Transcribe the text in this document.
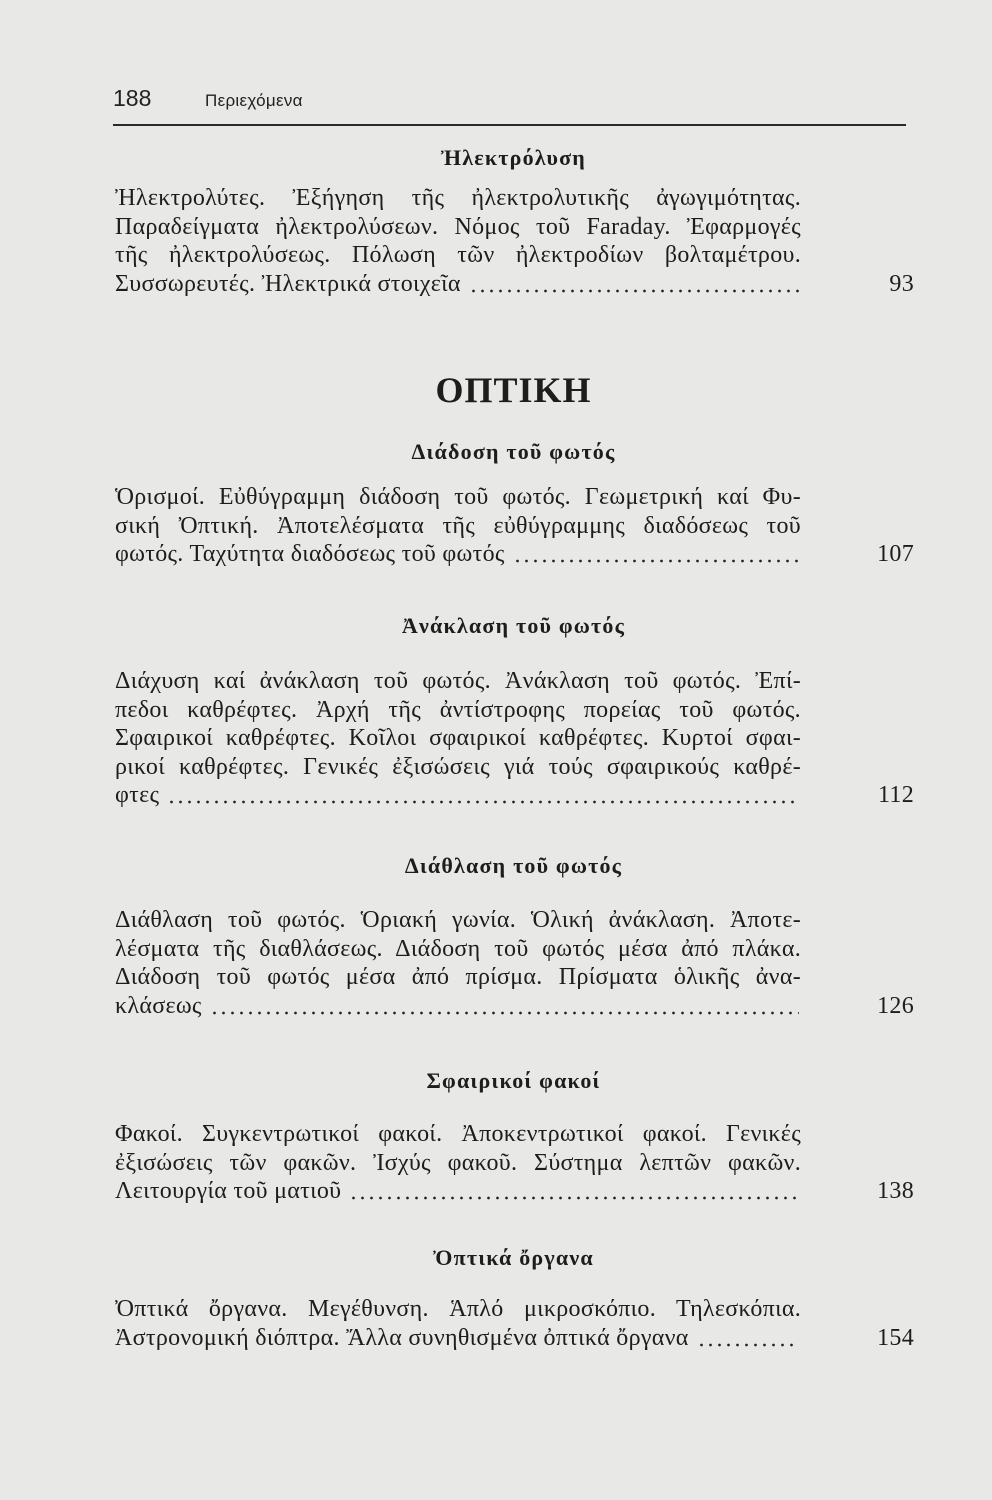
188	Περιεχόμενα
Ἠλεκτρόλυση
Ἠλεκτρολύτες. Ἐξήγηση τῆς ἠλεκτρολυτικῆς ἀγωγιμότητας.
Παραδείγματα ἠλεκτρολύσεων. Νόμος τοῦ Faraday. Ἐφαρμογές
τῆς ἠλεκτρολύσεως. Πόλωση τῶν ἠλεκτροδίων βολταμέτρου.
Συσσωρευτές. Ἠλεκτρικά στοιχεῖα	93
ΟΠΤΙΚΗ
Διάδοση τοῦ φωτός
Ὁρισμοί. Εὐθύγραμμη διάδοση τοῦ φωτός. Γεωμετρική καί Φυ-
σική Ὀπτική. Ἀποτελέσματα τῆς εὐθύγραμμης διαδόσεως τοῦ
φωτός. Ταχύτητα διαδόσεως τοῦ φωτός	107
Ἀνάκλαση τοῦ φωτός
Διάχυση καί ἀνάκλαση τοῦ φωτός. Ἀνάκλαση τοῦ φωτός. Ἐπί-
πεδοι καθρέφτες. Ἀρχή τῆς ἀντίστροφης πορείας τοῦ φωτός.
Σφαιρικοί καθρέφτες. Κοῖλοι σφαιρικοί καθρέφτες. Κυρτοί σφαι-
ρικοί καθρέφτες. Γενικές ἐξισώσεις γιά τούς σφαιρικούς καθρέ-
φτες	112
Διάθλαση τοῦ φωτός
Διάθλαση τοῦ φωτός. Ὁριακή γωνία. Ὁλική ἀνάκλαση. Ἀποτε-
λέσματα τῆς διαθλάσεως. Διάδοση τοῦ φωτός μέσα ἀπό πλάκα.
Διάδοση τοῦ φωτός μέσα ἀπό πρίσμα. Πρίσματα ὁλικῆς ἀνα-
κλάσεως	126
Σφαιρικοί φακοί
Φακοί. Συγκεντρωτικοί φακοί. Ἀποκεντρωτικοί φακοί. Γενικές
ἐξισώσεις τῶν φακῶν. Ἰσχύς φακοῦ. Σύστημα λεπτῶν φακῶν.
Λειτουργία τοῦ ματιοῦ	138
Ὀπτικά ὄργανα
Ὀπτικά ὄργανα. Μεγέθυνση. Ἁπλό μικροσκόπιο. Τηλεσκόπια.
Ἀστρονομική διόπτρα. Ἄλλα συνηθισμένα ὀπτικά ὄργανα	154
